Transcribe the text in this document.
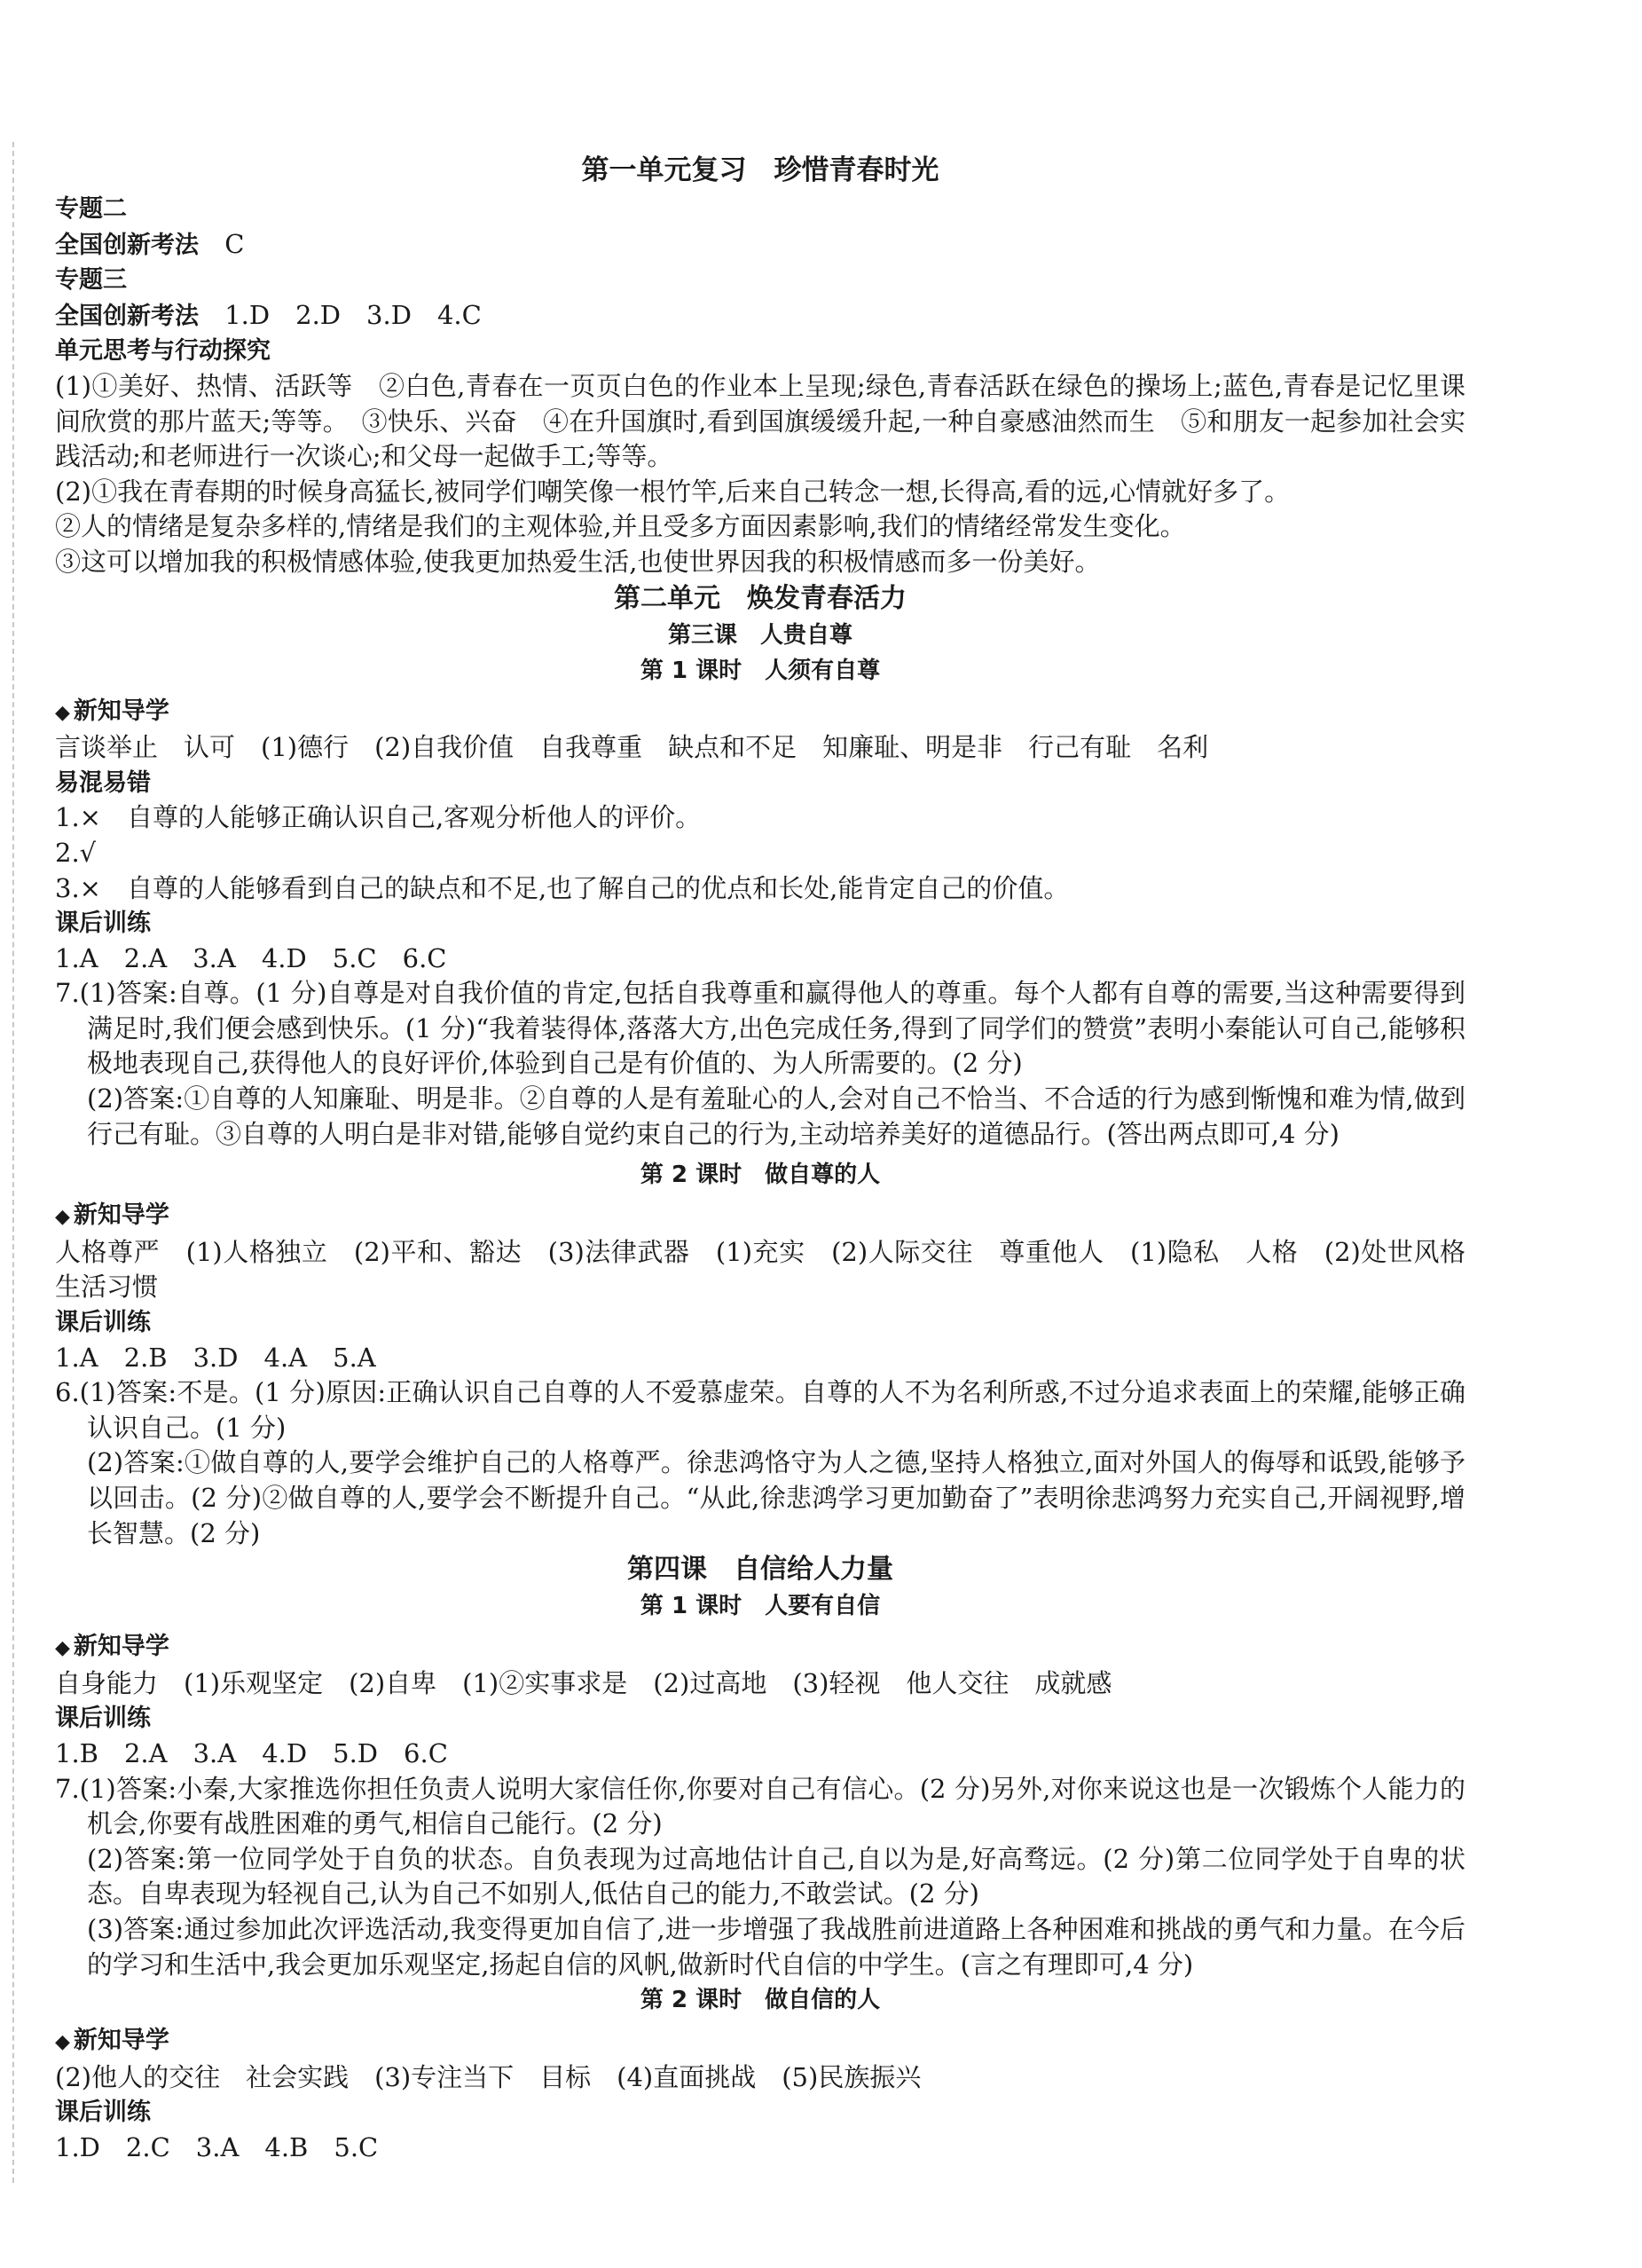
第一单元复习　珍惜青春时光
专题二
全国创新考法 C
专题三
全国创新考法 1.D　2.D　3.D　4.C
单元思考与行动探究
(1)①美好、热情、活跃等　②白色,青春在一页页白色的作业本上呈现;绿色,青春活跃在绿色的操场上;蓝色,青春是记忆里课间欣赏的那片蓝天;等等。　③快乐、兴奋　④在升国旗时,看到国旗缓缓升起,一种自豪感油然而生　⑤和朋友一起参加社会实践活动;和老师进行一次谈心;和父母一起做手工;等等。
(2)①我在青春期的时候身高猛长,被同学们嘲笑像一根竹竿,后来自己转念一想,长得高,看的远,心情就好多了。
②人的情绪是复杂多样的,情绪是我们的主观体验,并且受多方面因素影响,我们的情绪经常发生变化。
③这可以增加我的积极情感体验,使我更加热爱生活,也使世界因我的积极情感而多一份美好。
第二单元　焕发青春活力
第三课　人贵自尊
第 1 课时　人须有自尊
◆ 新知导学
言谈举止　认可　(1)德行　(2)自我价值　自我尊重　缺点和不足　知廉耻、明是非　行己有耻　名利
易混易错
1.×　自尊的人能够正确认识自己,客观分析他人的评价。
2.√
3.×　自尊的人能够看到自己的缺点和不足,也了解自己的优点和长处,能肯定自己的价值。
课后训练
1.A　2.A　3.A　4.D　5.C　6.C
7.(1)答案:自尊。(1 分)自尊是对自我价值的肯定,包括自我尊重和赢得他人的尊重。每个人都有自尊的需要,当这种需要得到满足时,我们便会感到快乐。(1 分)“我着装得体,落落大方,出色完成任务,得到了同学们的赞赏”表明小秦能认可自己,能够积极地表现自己,获得他人的良好评价,体验到自己是有价值的、为人所需要的。(2 分)
(2)答案:①自尊的人知廉耻、明是非。②自尊的人是有羞耻心的人,会对自己不恰当、不合适的行为感到惭愧和难为情,做到行己有耻。③自尊的人明白是非对错,能够自觉约束自己的行为,主动培养美好的道德品行。(答出两点即可,4 分)
第 2 课时　做自尊的人
◆ 新知导学
人格尊严　(1)人格独立　(2)平和、豁达　(3)法律武器　(1)充实　(2)人际交往　尊重他人　(1)隐私　人格　(2)处世风格　生活习惯
课后训练
1.A　2.B　3.D　4.A　5.A
6.(1)答案:不是。(1 分)原因:正确认识自己自尊的人不爱慕虚荣。自尊的人不为名利所惑,不过分追求表面上的荣耀,能够正确认识自己。(1 分)
(2)答案:①做自尊的人,要学会维护自己的人格尊严。徐悲鸿恪守为人之德,坚持人格独立,面对外国人的侮辱和诋毁,能够予以回击。(2 分)②做自尊的人,要学会不断提升自己。“从此,徐悲鸿学习更加勤奋了”表明徐悲鸿努力充实自己,开阔视野,增长智慧。(2 分)
第四课　自信给人力量
第 1 课时　人要有自信
◆ 新知导学
自身能力　(1)乐观坚定　(2)自卑　(1)②实事求是　(2)过高地　(3)轻视　他人交往　成就感
课后训练
1.B　2.A　3.A　4.D　5.D　6.C
7.(1)答案:小秦,大家推选你担任负责人说明大家信任你,你要对自己有信心。(2 分)另外,对你来说这也是一次锻炼个人能力的机会,你要有战胜困难的勇气,相信自己能行。(2 分)
(2)答案:第一位同学处于自负的状态。自负表现为过高地估计自己,自以为是,好高骛远。(2 分)第二位同学处于自卑的状态。自卑表现为轻视自己,认为自己不如别人,低估自己的能力,不敢尝试。(2 分)
(3)答案:通过参加此次评选活动,我变得更加自信了,进一步增强了我战胜前进道路上各种困难和挑战的勇气和力量。在今后的学习和生活中,我会更加乐观坚定,扬起自信的风帆,做新时代自信的中学生。(言之有理即可,4 分)
第 2 课时　做自信的人
◆ 新知导学
(2)他人的交往　社会实践　(3)专注当下　目标　(4)直面挑战　(5)民族振兴
课后训练
1.D　2.C　3.A　4.B　5.C
